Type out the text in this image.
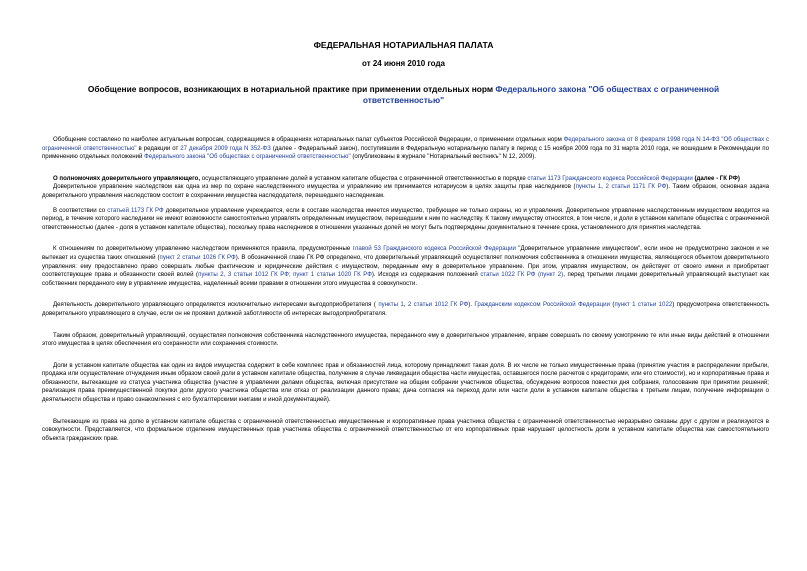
ФЕДЕРАЛЬНАЯ НОТАРИАЛЬНАЯ ПАЛАТА
от 24 июня 2010 года
Обобщение вопросов, возникающих в нотариальной практике при применении отдельных норм Федерального закона "Об обществах с ограниченной ответственностью"

Обобщение составлено по наиболее актуальным вопросам, содержащимся в обращениях нотариальных палат субъектов Российской Федерации, о применении отдельных норм Федерального закона от 8 февраля 1998 года N 14-ФЗ "Об обществах с ограниченной ответственностью" в редакции от 27 декабря 2009 года N 352-ФЗ (далее - Федеральный закон), поступившим в Федеральную нотариальную палату в период с 15 ноября 2009 года по 31 марта 2010 года, не вошедшим в Рекомендации по применению отдельных положений Федерального закона "Об обществах с ограниченной ответственностью" (опубликованы в журнале "Нотариальный вестникъ" N 12, 2009).

О полномочиях доверительного управляющего, осуществляющего управление долей в уставном капитале общества с ограниченной ответственностью в порядке статьи 1173 Гражданского кодекса Российской Федерации (далее - ГК РФ)

Доверительное управление наследством как одна из мер по охране наследственного имущества и управлению им принимается нотариусом в целях защиты прав наследников (пункты 1, 2 статьи 1171 ГК РФ). Таким образом, основная задача доверительного управления наследством состоит в сохранении имущества наследодателя, перешедшего наследникам.

В соответствии со статьей 1173 ГК РФ доверительное управление учреждается, если в составе наследства имеется имущество, требующее не только охраны, но и управления. Доверительное управление наследственным имуществом вводится на период, в течение которого наследники не имеют возможности самостоятельно управлять определенным имуществом, перешедшим к ним по наследству. К такому имуществу относятся, в том числе, и доли в уставном капитале общества с ограниченной ответственностью (далее - доля в уставном капитале общества), поскольку права наследников в отношении указанных долей не могут быть подтверждены документально в течение срока, установленного для принятия наследства.

К отношениям по доверительному управлению наследством применяются правила, предусмотренные главой 53 Гражданского кодекса Российской Федерации "Доверительное управление имуществом", если иное не предусмотрено законом и не вытекает из существа таких отношений (пункт 2 статьи 1026 ГК РФ). В обозначенной главе ГК РФ определено, что доверительный управляющий осуществляет полномочия собственника в отношении имущества, являющегося объектом доверительного управления: ему предоставлено право совершать любые фактические и юридические действия с имуществом, переданным ему в доверительное управление. При этом, управляя имуществом, он действует от своего имени и приобретает соответствующие права и обязанности своей волей (пункты 2, 3 статьи 1012 ГК РФ; пункт 1 статьи 1020 ГК РФ). Исходя из содержания положений статьи 1022 ГК РФ (пункт 2), перед третьими лицами доверительный управляющий выступает как собственник переданного ему в управление имущества, наделенный всеми правами в отношении этого имущества в совокупности.

Деятельность доверительного управляющего определяется исключительно интересами выгодоприобретателя ( пункты 1, 2 статьи 1012 ГК РФ). Гражданским кодексом Российской Федерации (пункт 1 статьи 1022) предусмотрена ответственность доверительного управляющего в случае, если он не проявил должной заботливости об интересах выгодоприобретателя.

Таким образом, доверительный управляющий, осуществляя полномочия собственника наследственного имущества, переданного ему в доверительное управление, вправе совершать по своему усмотрению те или иные виды действий в отношении этого имущества в целях обеспечения его сохранности или сохранения стоимости.

Доли в уставном капитале общества как один из видов имущества содержит в себе комплекс прав и обязанностей лица, которому принадлежит такая доля. В их числе не только имущественные права (принятие участия в распределении прибыли, продажа или осуществление отчуждения иным образом своей доли в уставном капитале общества, получение в случае ликвидации общества части имущества, оставшегося после расчетов с кредиторами, или его стоимости), но и корпоративные права и обязанности, вытекающие из статуса участника общества (участие в управлении делами общества, включая присутствие на общем собрании участников общества, обсуждение вопросов повестки дня собрания, голосование при принятии решений; реализация права преимущественной покупки доли другого участника общества или отказ от реализации данного права; дача согласия на переход доли или части доли в уставном капитале общества к третьим лицам, получение информации о деятельности общества и право ознакомления с его бухгалтерскими книгами и иной документацией).

Вытекающие из права на долю в уставном капитале общества с ограниченной ответственностью имущественные и корпоративные права участника общества с ограниченной ответственностью неразрывно связаны друг с другом и реализуются в совокупности. Представляется, что формальное отделение имущественных прав участника общества с ограниченной ответственностью от его корпоративных прав нарушает целостность доли в уставном капитале общества как самостоятельного объекта гражданских прав.
